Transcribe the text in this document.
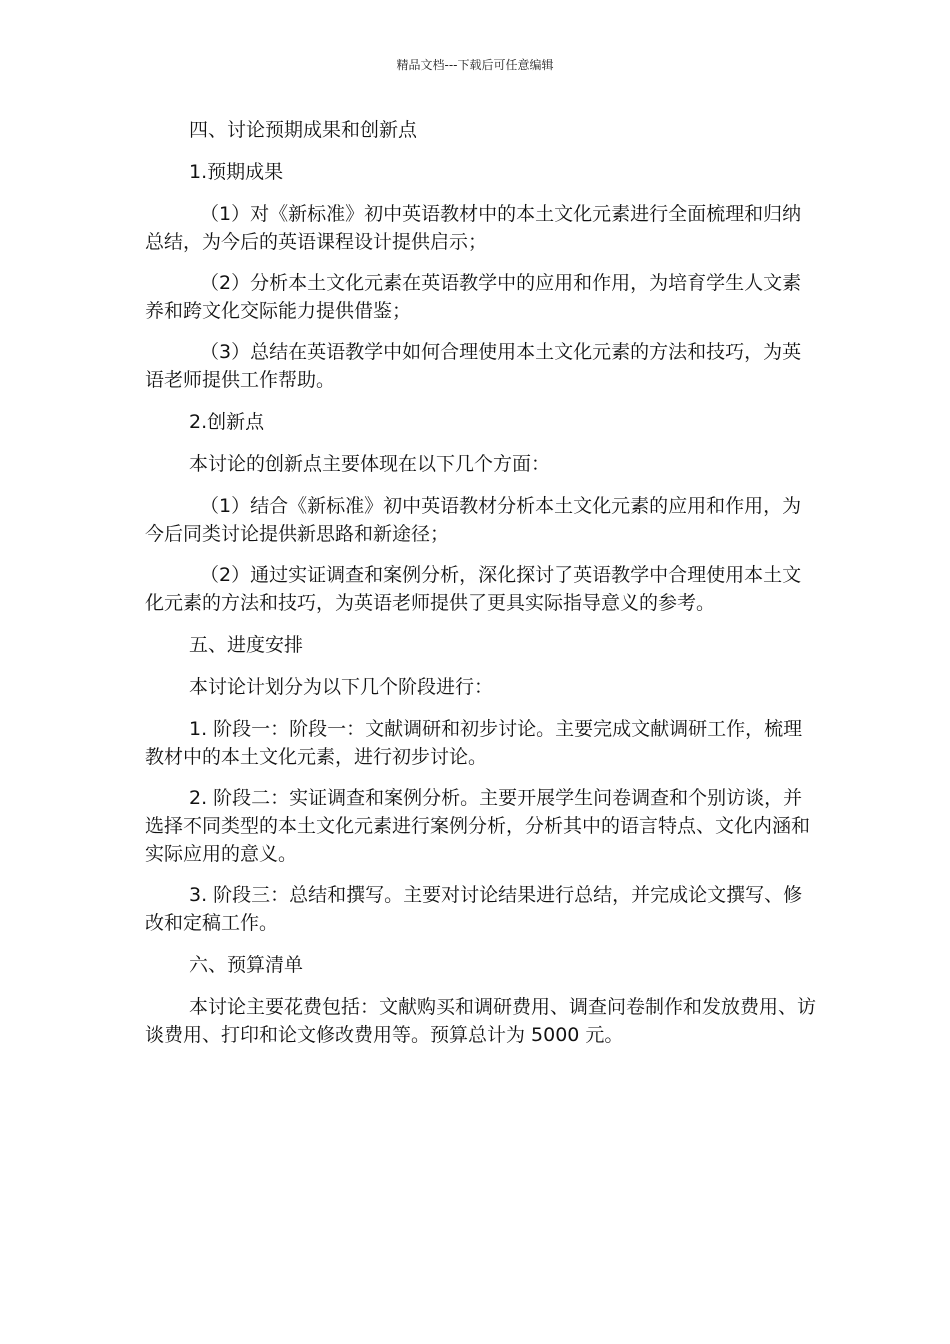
精品文档---下载后可任意编辑

四、讨论预期成果和创新点

1.预期成果

（1）对《新标准》初中英语教材中的本土文化元素进行全面梳理和归纳总结，为今后的英语课程设计提供启示；

（2）分析本土文化元素在英语教学中的应用和作用，为培育学生人文素养和跨文化交际能力提供借鉴；

（3）总结在英语教学中如何合理使用本土文化元素的方法和技巧，为英语老师提供工作帮助。

2.创新点

本讨论的创新点主要体现在以下几个方面：

（1）结合《新标准》初中英语教材分析本土文化元素的应用和作用，为今后同类讨论提供新思路和新途径；

（2）通过实证调查和案例分析，深化探讨了英语教学中合理使用本土文化元素的方法和技巧，为英语老师提供了更具实际指导意义的参考。

五、进度安排

本讨论计划分为以下几个阶段进行：

1. 阶段一：阶段一：文献调研和初步讨论。主要完成文献调研工作，梳理教材中的本土文化元素，进行初步讨论。

2. 阶段二：实证调查和案例分析。主要开展学生问卷调查和个别访谈，并选择不同类型的本土文化元素进行案例分析，分析其中的语言特点、文化内涵和实际应用的意义。

3. 阶段三：总结和撰写。主要对讨论结果进行总结，并完成论文撰写、修改和定稿工作。

六、预算清单

本讨论主要花费包括：文献购买和调研费用、调查问卷制作和发放费用、访谈费用、打印和论文修改费用等。预算总计为 5000 元。
